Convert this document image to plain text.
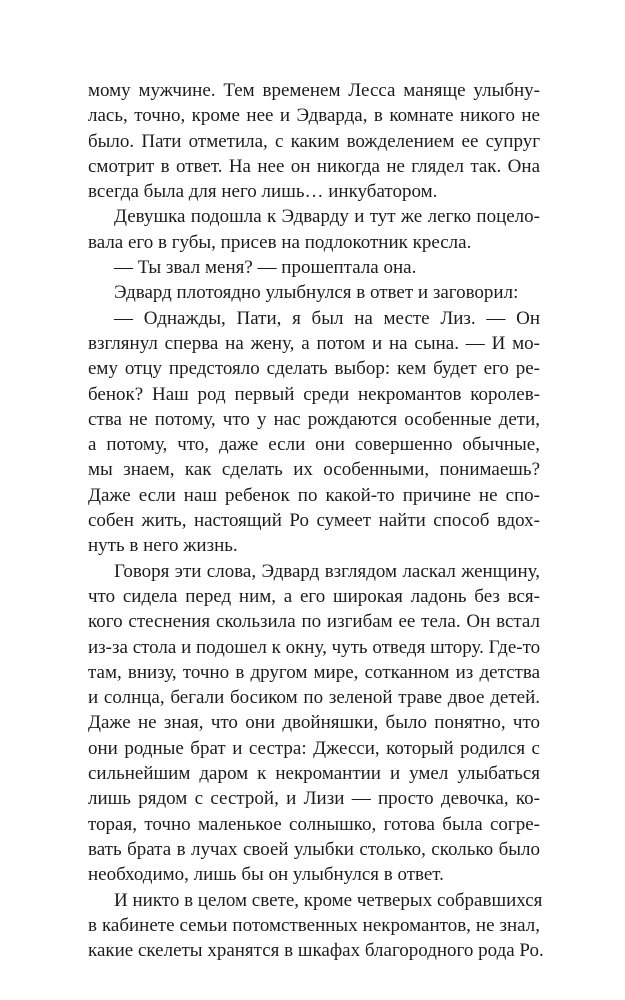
мому мужчине. Тем временем Лесса маняще улыбну-
лась, точно, кроме нее и Эдварда, в комнате никого не
было. Пати отметила, с каким вожделением ее супруг
смотрит в ответ. На нее он никогда не глядел так. Она
всегда была для него лишь… инкубатором.
Девушка подошла к Эдварду и тут же легко поцело-
вала его в губы, присев на подлокотник кресла.
— Ты звал меня? — прошептала она.
Эдвард плотоядно улыбнулся в ответ и заговорил:
— Однажды, Пати, я был на месте Лиз. — Он
взглянул сперва на жену, а потом и на сына. — И мо-
ему отцу предстояло сделать выбор: кем будет его ре-
бенок? Наш род первый среди некромантов королев-
ства не потому, что у нас рождаются особенные дети,
а потому, что, даже если они совершенно обычные,
мы знаем, как сделать их особенными, понимаешь?
Даже если наш ребенок по какой-то причине не спо-
собен жить, настоящий Ро сумеет найти способ вдох-
нуть в него жизнь.
Говоря эти слова, Эдвард взглядом ласкал женщину,
что сидела перед ним, а его широкая ладонь без вся-
кого стеснения скользила по изгибам ее тела. Он встал
из-за стола и подошел к окну, чуть отведя штору. Где-то
там, внизу, точно в другом мире, сотканном из детства
и солнца, бегали босиком по зеленой траве двое детей.
Даже не зная, что они двойняшки, было понятно, что
они родные брат и сестра: Джесси, который родился с
сильнейшим даром к некромантии и умел улыбаться
лишь рядом с сестрой, и Лизи — просто девочка, ко-
торая, точно маленькое солнышко, готова была согре-
вать брата в лучах своей улыбки столько, сколько было
необходимо, лишь бы он улыбнулся в ответ.
И никто в целом свете, кроме четверых собравшихся
в кабинете семьи потомственных некромантов, не знал,
какие скелеты хранятся в шкафах благородного рода Ро.
